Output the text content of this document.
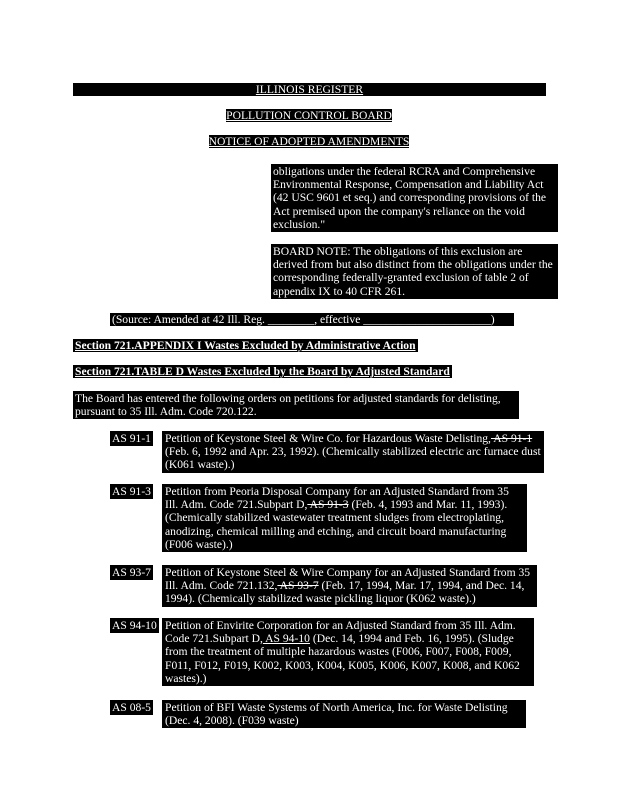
ILLINOIS REGISTER
POLLUTION CONTROL BOARD
NOTICE OF ADOPTED AMENDMENTS
obligations under the federal RCRA and Comprehensive Environmental Response, Compensation and Liability Act (42 USC 9601 et seq.) and corresponding provisions of the Act premised upon the company's reliance on the void exclusion."
BOARD NOTE: The obligations of this exclusion are derived from but also distinct from the obligations under the corresponding federally-granted exclusion of table 2 of appendix IX to 40 CFR 261.
(Source: Amended at 42 Ill. Reg. ________, effective ______________________)
Section 721.APPENDIX I Wastes Excluded by Administrative Action
Section 721.TABLE D Wastes Excluded by the Board by Adjusted Standard
The Board has entered the following orders on petitions for adjusted standards for delisting, pursuant to 35 Ill. Adm. Code 720.122.
AS 91-1 Petition of Keystone Steel & Wire Co. for Hazardous Waste Delisting, AS 91-1 (Feb. 6, 1992 and Apr. 23, 1992). (Chemically stabilized electric arc furnace dust (K061 waste).)
AS 91-3 Petition from Peoria Disposal Company for an Adjusted Standard from 35 Ill. Adm. Code 721.Subpart D, AS 91-3 (Feb. 4, 1993 and Mar. 11, 1993). (Chemically stabilized wastewater treatment sludges from electroplating, anodizing, chemical milling and etching, and circuit board manufacturing (F006 waste).)
AS 93-7 Petition of Keystone Steel & Wire Company for an Adjusted Standard from 35 Ill. Adm. Code 721.132, AS 93-7 (Feb. 17, 1994, Mar. 17, 1994, and Dec. 14, 1994). (Chemically stabilized waste pickling liquor (K062 waste).)
AS 94-10 Petition of Envirite Corporation for an Adjusted Standard from 35 Ill. Adm. Code 721.Subpart D, AS 94-10 (Dec. 14, 1994 and Feb. 16, 1995). (Sludge from the treatment of multiple hazardous wastes (F006, F007, F008, F009, F011, F012, F019, K002, K003, K004, K005, K006, K007, K008, and K062 wastes).)
AS 08-5 Petition of BFI Waste Systems of North America, Inc. for Waste Delisting (Dec. 4, 2008). (F039 waste)
